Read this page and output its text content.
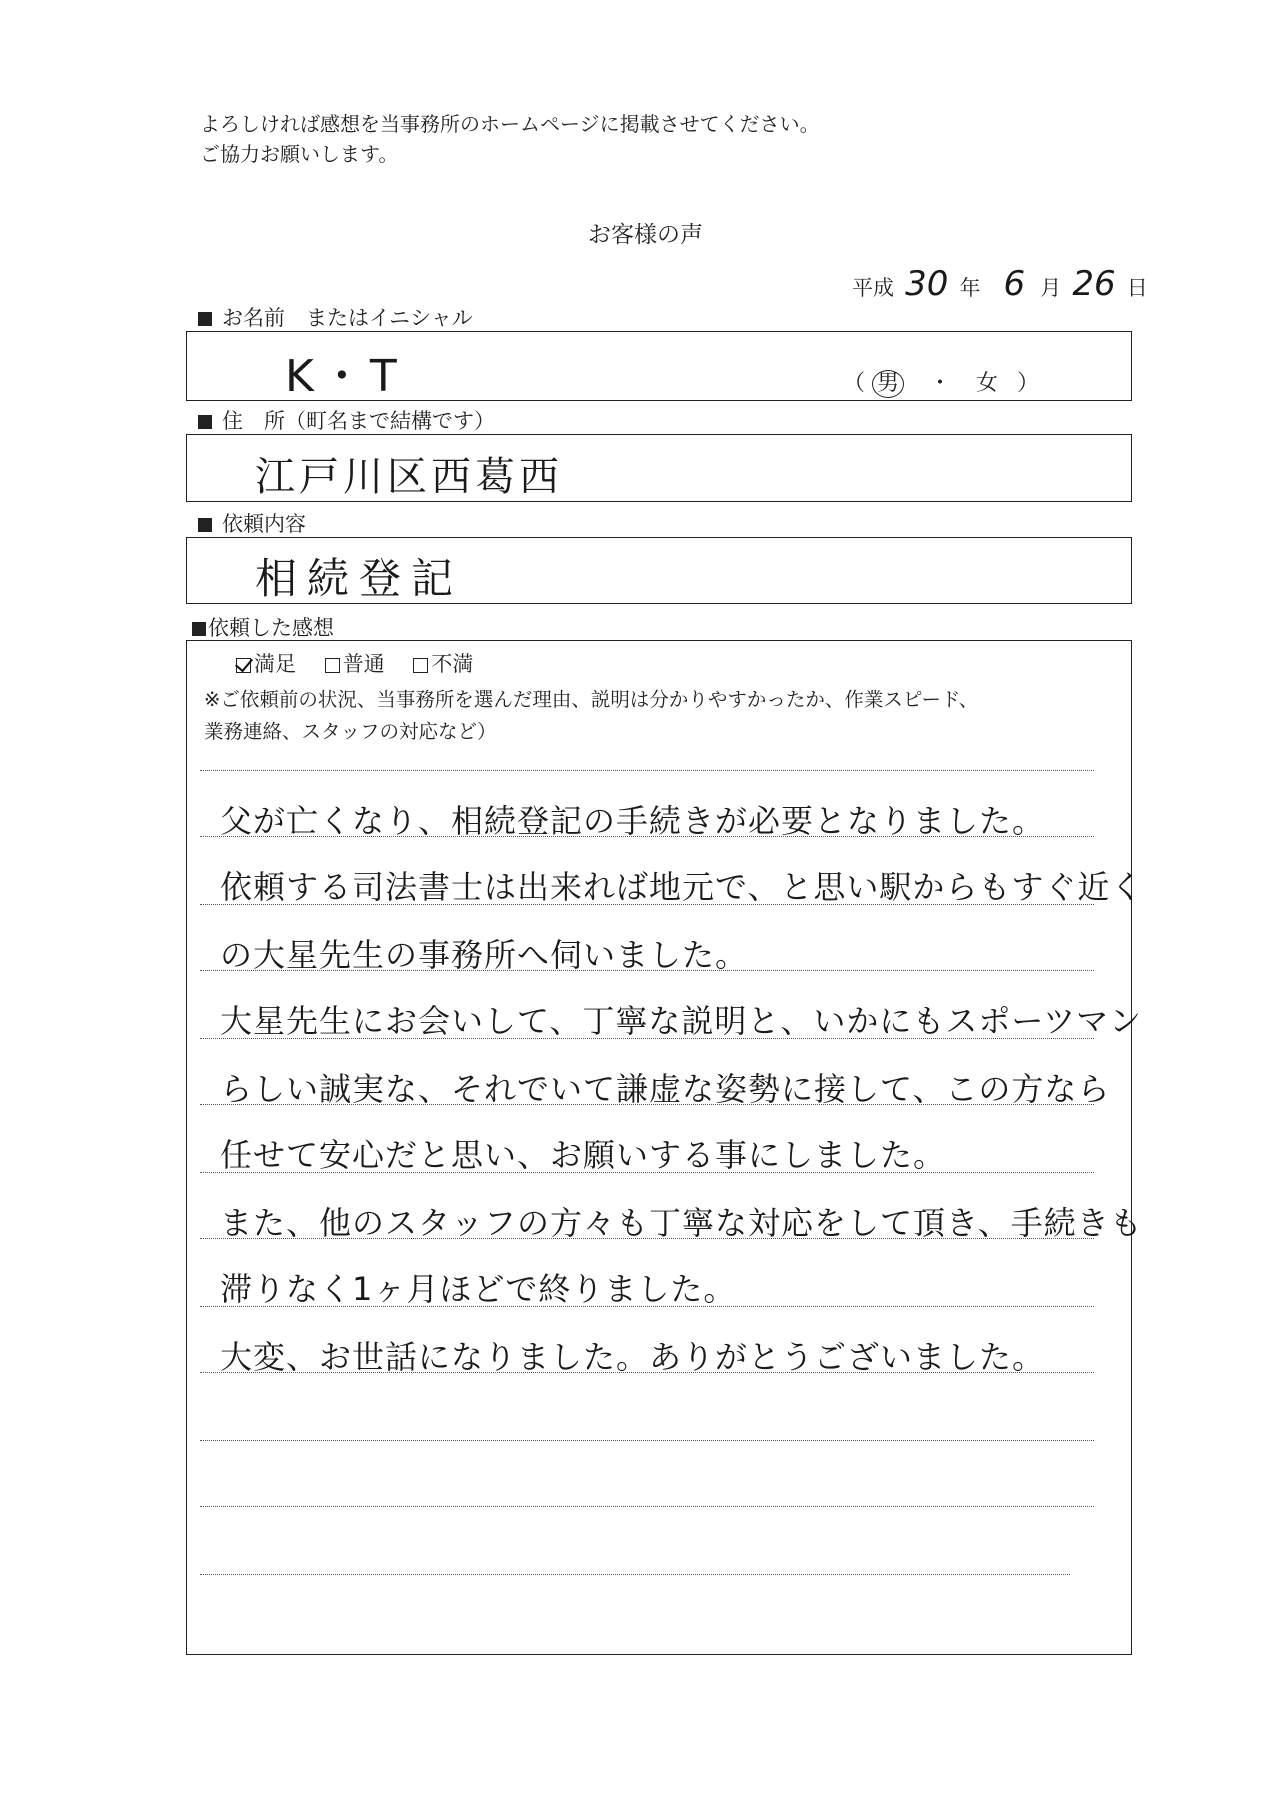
よろしければ感想を当事務所のホームページに掲載させてください。
ご協力お願いします。
お客様の声
平成 30 年 6 月 26 日
お名前　またはイニシャル
K・T	（ 男 ・ 女 ）
住　所（町名まで結構です）
江戸川区西葛西
依頼内容
相続登記
依頼した感想
満足 普通 不満
※ご依頼前の状況、当事務所を選んだ理由、説明は分かりやすかったか、作業スピード、
業務連絡、スタッフの対応など）
父が亡くなり、相続登記の手続きが必要となりました。
依頼する司法書士は出来れば地元で、と思い駅からもすぐ近く
の大星先生の事務所へ伺いました。
大星先生にお会いして、丁寧な説明と、いかにもスポーツマン
らしい誠実な、それでいて謙虚な姿勢に接して、この方なら
任せて安心だと思い、お願いする事にしました。
また、他のスタッフの方々も丁寧な対応をして頂き、手続きも
滞りなく1ヶ月ほどで終りました。
大変、お世話になりました。ありがとうございました。
